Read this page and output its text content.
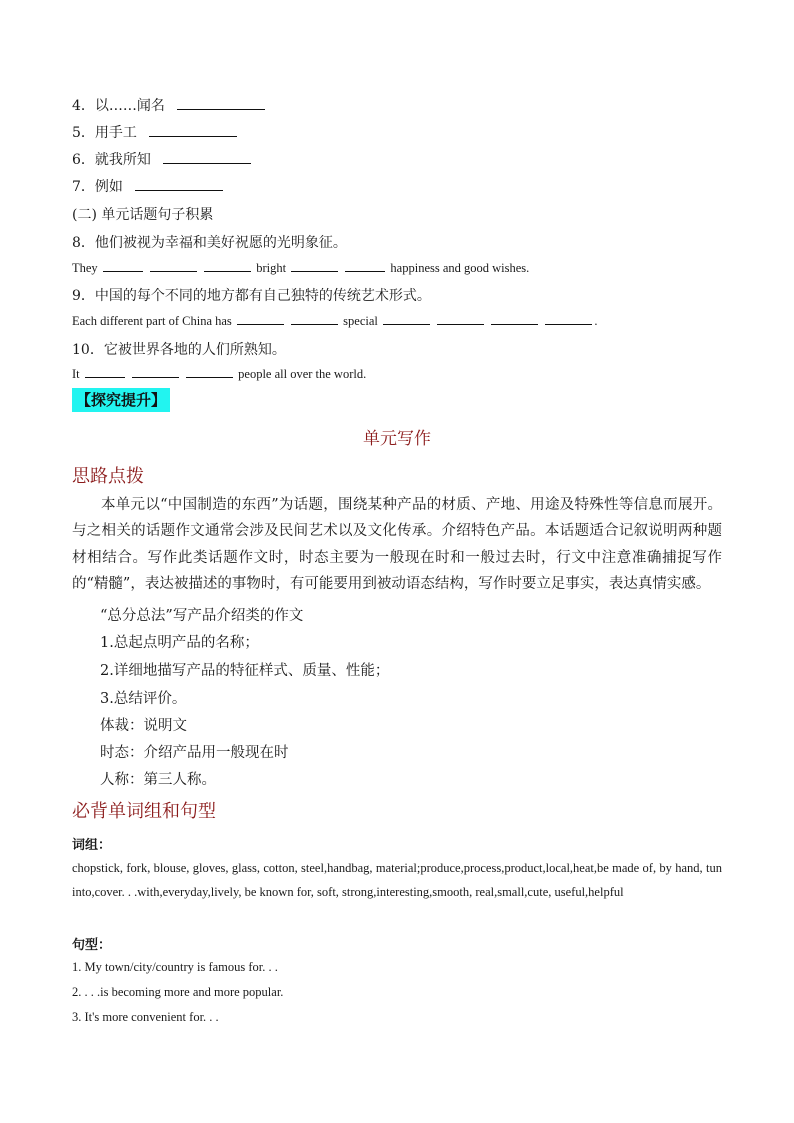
4．以……闻名
5．用手工
6．就我所知
7．例如
(二) 单元话题句子积累
8．他们被视为幸福和美好祝愿的光明象征。
They	bright	happiness and good wishes.
9．中国的每个不同的地方都有自己独特的传统艺术形式。
Each different part of China has	special	.
10．它被世界各地的人们所熟知。
It	people all over the world.
【探究提升】
单元写作
思路点拨

本单元以“中国制造的东西”为话题，围绕某种产品的材质、产地、用途及特殊性等信息而展开。与之相关的话题作文通常会涉及民间艺术以及文化传承。介绍特色产品。本话题适合记叙说明两种题材相结合。写作此类话题作文时，时态主要为一般现在时和一般过去时，行文中注意准确捕捉写作的“精髓”，表达被描述的事物时，有可能要用到被动语态结构，写作时要立足事实，表达真情实感。

“总分总法”写产品介绍类的作文
1.总起点明产品的名称；
2.详细地描写产品的特征样式、质量、性能；
3.总结评价。
体裁：说明文
时态：介绍产品用一般现在时
人称：第三人称。
必背单词组和句型
词组：

chopstick, fork, blouse, gloves, glass, cotton, steel,handbag, material;produce,process,product,local,heat,be made of, by hand, tun into,cover. . .with,everyday,lively, be known for, soft, strong,interesting,smooth, real,small,cute, useful,helpful

句型：
1. My town/city/country is famous for. . .
2. . . .is becoming more and more popular.
3. It's more convenient for. . .
